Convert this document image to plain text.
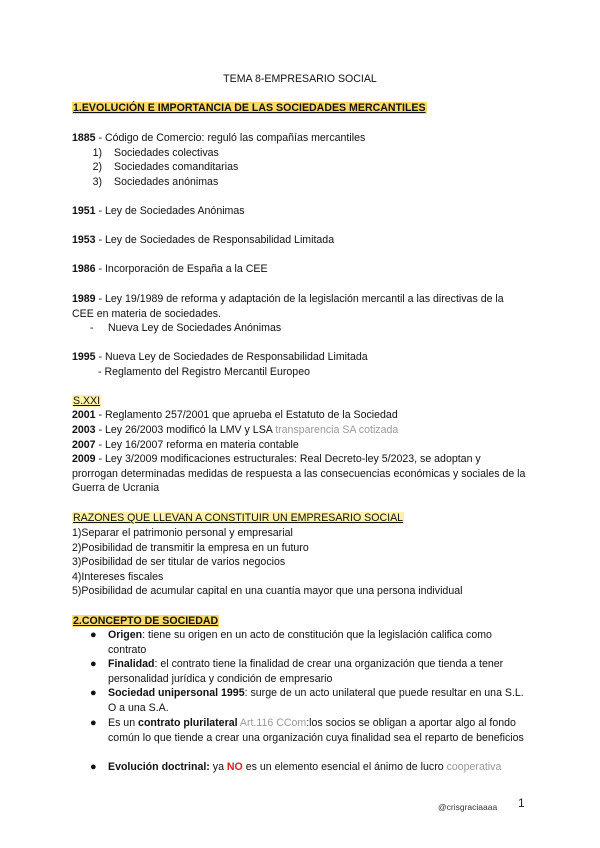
TEMA 8-EMPRESARIO SOCIAL
1.EVOLUCIÓN E IMPORTANCIA DE LAS SOCIEDADES MERCANTILES
1885 - Código de Comercio: reguló las compañías mercantiles
1) Sociedades colectivas
2) Sociedades comanditarias
3) Sociedades anónimas
1951 - Ley de Sociedades Anónimas
1953 - Ley de Sociedades de Responsabilidad Limitada
1986 - Incorporación de España a la CEE
1989 - Ley 19/1989 de reforma y adaptación de la legislación mercantil a las directivas de la CEE en materia de sociedades.
- Nueva Ley de Sociedades Anónimas
1995 - Nueva Ley de Sociedades de Responsabilidad Limitada
- Reglamento del Registro Mercantil Europeo
S.XXI
2001 - Reglamento 257/2001 que aprueba el Estatuto de la Sociedad
2003 - Ley 26/2003 modificó la LMV y LSA transparencia SA cotizada
2007 - Ley 16/2007 reforma en materia contable
2009 - Ley 3/2009 modificaciones estructurales: Real Decreto-ley 5/2023, se adoptan y prorrogan determinadas medidas de respuesta a las consecuencias económicas y sociales de la Guerra de Ucrania
RAZONES QUE LLEVAN A CONSTITUIR UN EMPRESARIO SOCIAL
1)Separar el patrimonio personal y empresarial
2)Posibilidad de transmitir la empresa en un futuro
3)Posibilidad de ser titular de varios negocios
4)Intereses fiscales
5)Posibilidad de acumular capital en una cuantía mayor que una persona individual
2.CONCEPTO DE SOCIEDAD
● Origen: tiene su origen en un acto de constitución que la legislación califica como contrato
● Finalidad: el contrato tiene la finalidad de crear una organización que tienda a tener personalidad jurídica y condición de empresario
● Sociedad unipersonal 1995: surge de un acto unilateral que puede resultar en una S.L. O a una S.A.
● Es un contrato plurilateral Art.116 CCom:los socios se obligan a aportar algo al fondo común lo que tiende a crear una organización cuya finalidad sea el reparto de beneficios
● Evolución doctrinal: ya NO es un elemento esencial el ánimo de lucro cooperativa
@crisgraciaaaa 1
